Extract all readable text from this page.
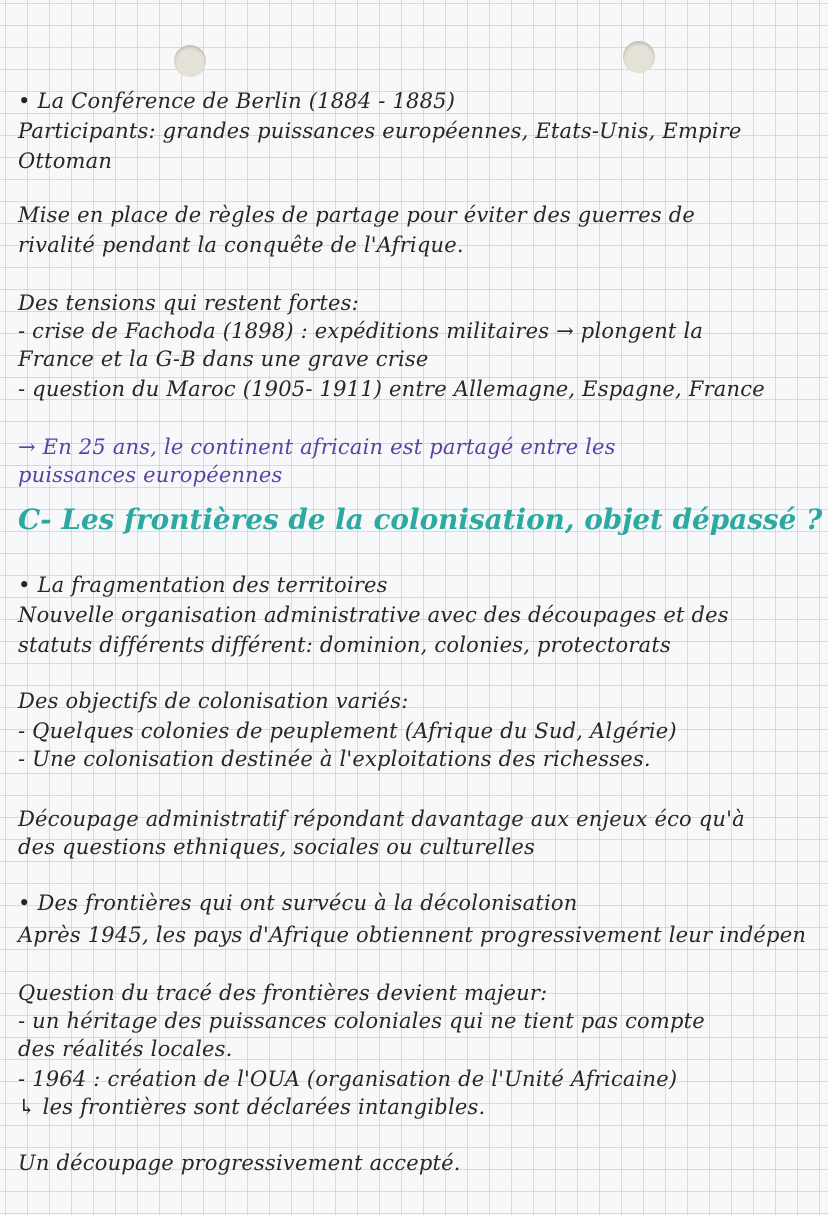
• La Conférence de Berlin (1884 - 1885)
Participants: grandes puissances européennes, Etats-Unis, Empire
Ottoman
Mise en place de règles de partage pour éviter des guerres de
rivalité pendant la conquête de l'Afrique.
Des tensions qui restent fortes:
- crise de Fachoda (1898) : expéditions militaires → plongent la
France et la G-B dans une grave crise
- question du Maroc (1905- 1911) entre Allemagne, Espagne, France
→ En 25 ans, le continent africain est partagé entre les
puissances européennes
C- Les frontières de la colonisation, objet dépassé ?
• La fragmentation des territoires
Nouvelle organisation administrative avec des découpages et des
statuts différents différent: dominion, colonies, protectorats
Des objectifs de colonisation variés:
- Quelques colonies de peuplement (Afrique du Sud, Algérie)
- Une colonisation destinée à l'exploitations des richesses.
Découpage administratif répondant davantage aux enjeux éco qu'à
des questions ethniques, sociales ou culturelles
• Des frontières qui ont survécu à la décolonisation
Après 1945, les pays d'Afrique obtiennent progressivement leur indépen
Question du tracé des frontières devient majeur:
- un héritage des puissances coloniales qui ne tient pas compte
des réalités locales.
- 1964 : création de l'OUA (organisation de l'Unité Africaine)
↳ les frontières sont déclarées intangibles.
Un découpage progressivement accepté.
